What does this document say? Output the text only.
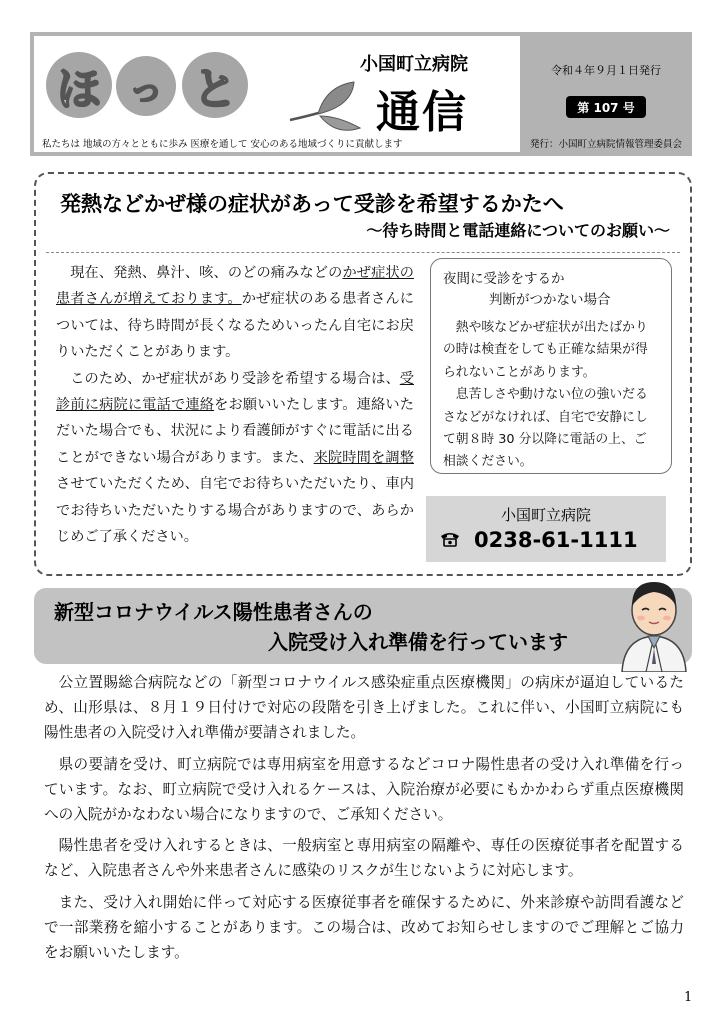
ほ っ と	小国町立病院
通信
私たちは 地域の方々とともに歩み 医療を通して 安心のある地域づくりに貢献します
令和４年９月１日発行
第 107 号
発行：小国町立病院情報管理委員会
発熱などかぜ様の症状があって受診を希望するかたへ
～待ち時間と電話連絡についてのお願い～

現在、発熱、鼻汁、咳、のどの痛みなどのかぜ症状の患者さんが増えております。かぜ症状のある患者さんについては、待ち時間が長くなるためいったん自宅にお戻りいただくことがあります。

このため、かぜ症状があり受診を希望する場合は、受診前に病院に電話で連絡をお願いいたします。連絡いただいた場合でも、状況により看護師がすぐに電話に出ることができない場合があります。また、来院時間を調整させていただくため、自宅でお待ちいただいたり、車内でお待ちいただいたりする場合がありますので、あらかじめご了承ください。

夜間に受診をするか
判断がつかない場合

熱や咳などかぜ症状が出たばかりの時は検査をしても正確な結果が得られないことがあります。

息苦しさや動けない位の強いだるさなどがなければ、自宅で安静にして朝８時 30 分以降に電話の上、ご相談ください。

小国町立病院
0238-61-1111
新型コロナウイルス陽性患者さんの
入院受け入れ準備を行っています

公立置賜総合病院などの「新型コロナウイルス感染症重点医療機関」の病床が逼迫しているため、山形県は、８月１９日付けで対応の段階を引き上げました。これに伴い、小国町立病院にも陽性患者の入院受け入れ準備が要請されました。

県の要請を受け、町立病院では専用病室を用意するなどコロナ陽性患者の受け入れ準備を行っています。なお、町立病院で受け入れるケースは、入院治療が必要にもかかわらず重点医療機関への入院がかなわない場合になりますので、ご承知ください。

陽性患者を受け入れするときは、一般病室と専用病室の隔離や、専任の医療従事者を配置するなど、入院患者さんや外来患者さんに感染のリスクが生じないように対応します。

また、受け入れ開始に伴って対応する医療従事者を確保するために、外来診療や訪問看護などで一部業務を縮小することがあります。この場合は、改めてお知らせしますのでご理解とご協力をお願いいたします。

1
